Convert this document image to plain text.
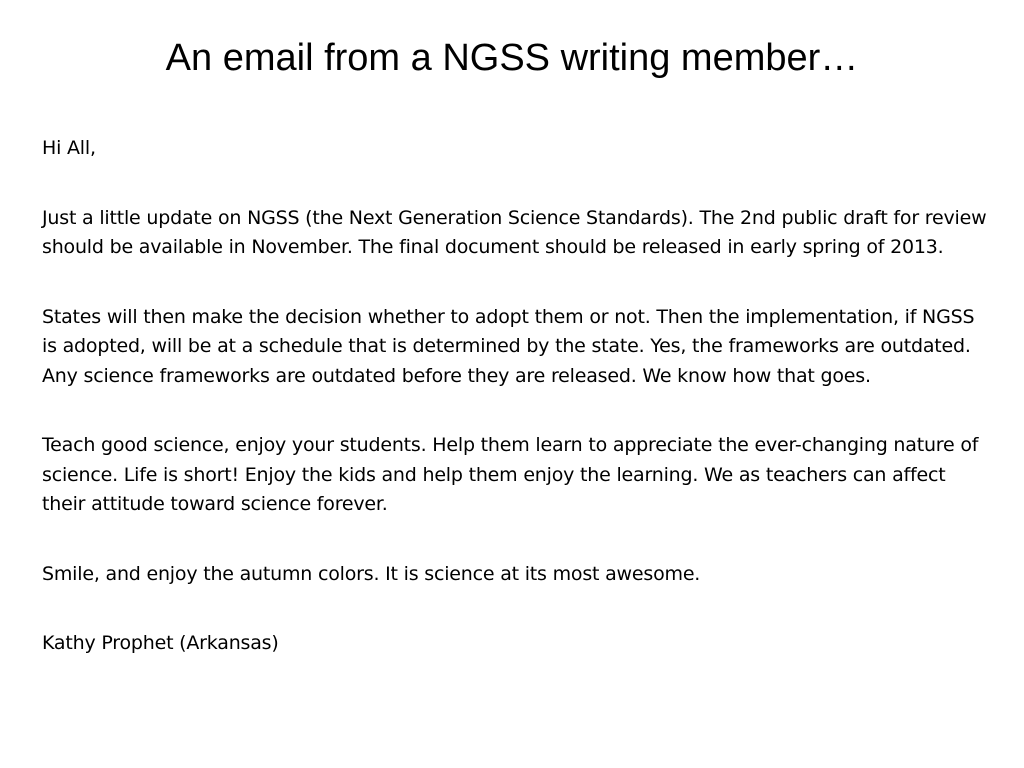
An email from a NGSS writing member…

Hi All,

Just a little update on NGSS (the Next Generation Science Standards). The 2nd public draft for review should be available in November. The final document should be released in early spring of 2013.

States will then make the decision whether to adopt them or not. Then the implementation, if NGSS is adopted, will be at a schedule that is determined by the state. Yes, the frameworks are outdated. Any science frameworks are outdated before they are released. We know how that goes.

Teach good science, enjoy your students. Help them learn to appreciate the ever-changing nature of science. Life is short! Enjoy the kids and help them enjoy the learning. We as teachers can affect their attitude toward science forever.

Smile, and enjoy the autumn colors. It is science at its most awesome.

Kathy Prophet (Arkansas)
